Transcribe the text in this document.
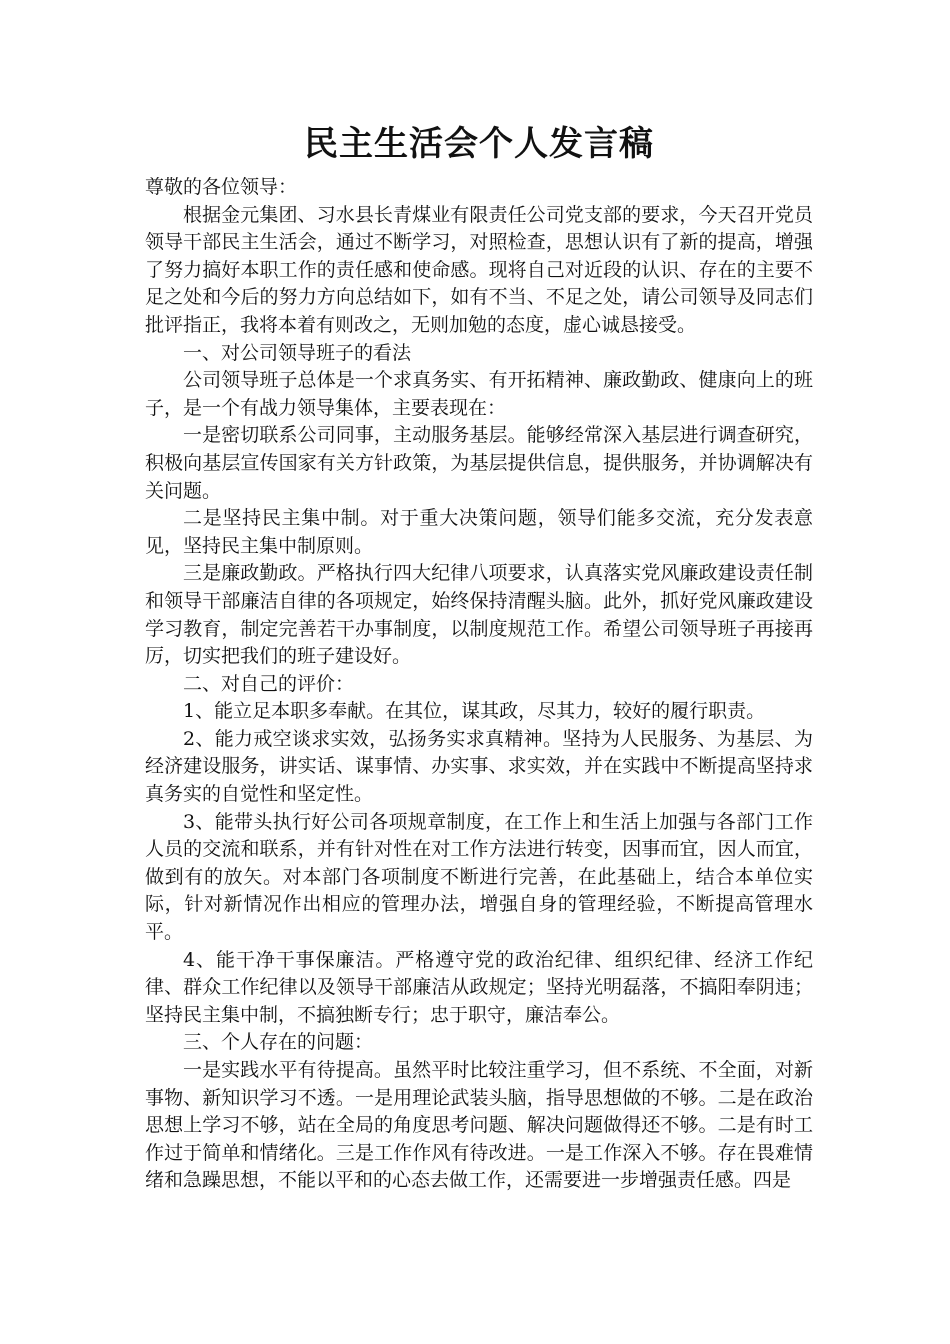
民主生活会个人发言稿

尊敬的各位领导：

根据金元集团、习水县长青煤业有限责任公司党支部的要求，今天召开党员领导干部民主生活会，通过不断学习，对照检查，思想认识有了新的提高，增强了努力搞好本职工作的责任感和使命感。现将自己对近段的认识、存在的主要不足之处和今后的努力方向总结如下，如有不当、不足之处，请公司领导及同志们批评指正，我将本着有则改之，无则加勉的态度，虚心诚恳接受。

一、对公司领导班子的看法

公司领导班子总体是一个求真务实、有开拓精神、廉政勤政、健康向上的班子，是一个有战力领导集体，主要表现在：

一是密切联系公司同事，主动服务基层。能够经常深入基层进行调查研究，积极向基层宣传国家有关方针政策，为基层提供信息，提供服务，并协调解决有关问题。

二是坚持民主集中制。对于重大决策问题，领导们能多交流，充分发表意见，坚持民主集中制原则。

三是廉政勤政。严格执行四大纪律八项要求，认真落实党风廉政建设责任制和领导干部廉洁自律的各项规定，始终保持清醒头脑。此外，抓好党风廉政建设学习教育，制定完善若干办事制度，以制度规范工作。希望公司领导班子再接再厉，切实把我们的班子建设好。

二、对自己的评价：

1、能立足本职多奉献。在其位，谋其政，尽其力，较好的履行职责。

2、能力戒空谈求实效，弘扬务实求真精神。坚持为人民服务、为基层、为经济建设服务，讲实话、谋事情、办实事、求实效，并在实践中不断提高坚持求真务实的自觉性和坚定性。

3、能带头执行好公司各项规章制度，在工作上和生活上加强与各部门工作人员的交流和联系，并有针对性在对工作方法进行转变，因事而宜，因人而宜，做到有的放矢。对本部门各项制度不断进行完善，在此基础上，结合本单位实际，针对新情况作出相应的管理办法，增强自身的管理经验，不断提高管理水平。

4、能干净干事保廉洁。严格遵守党的政治纪律、组织纪律、经济工作纪律、群众工作纪律以及领导干部廉洁从政规定；坚持光明磊落，不搞阳奉阴违；坚持民主集中制，不搞独断专行；忠于职守，廉洁奉公。

三、个人存在的问题：

一是实践水平有待提高。虽然平时比较注重学习，但不系统、不全面，对新事物、新知识学习不透。一是用理论武装头脑，指导思想做的不够。二是在政治思想上学习不够，站在全局的角度思考问题、解决问题做得还不够。二是有时工作过于简单和情绪化。三是工作作风有待改进。一是工作深入不够。存在畏难情绪和急躁思想，不能以平和的心态去做工作，还需要进一步增强责任感。四是
